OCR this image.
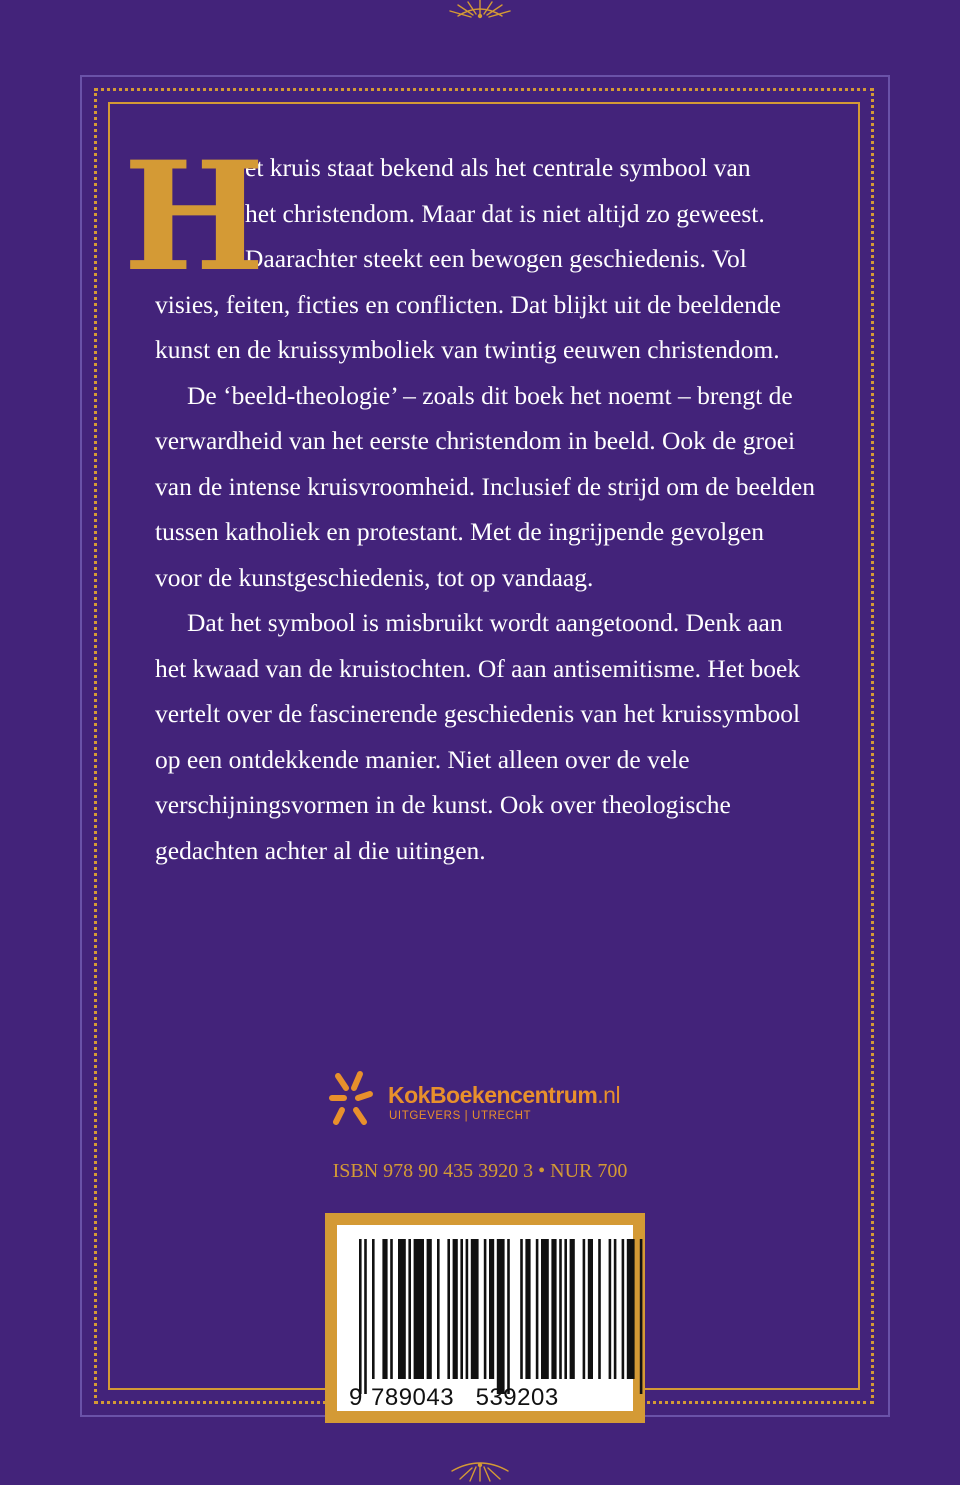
H
et kruis staat bekend als het centrale symbool van
het christendom. Maar dat is niet altijd zo geweest.
Daarachter steekt een bewogen geschiedenis. Vol
visies, feiten, ficties en conflicten. Dat blijkt uit de beeldende kunst en de kruissymboliek van twintig eeuwen christendom.

De ‘beeld-theologie’ – zoals dit boek het noemt – brengt de verwardheid van het eerste christendom in beeld. Ook de groei van de intense kruisvroomheid. Inclusief de strijd om de beelden tussen katholiek en protestant. Met de ingrijpende gevolgen voor de kunstgeschiedenis, tot op vandaag.

Dat het symbool is misbruikt wordt aangetoond. Denk aan het kwaad van de kruistochten. Of aan antisemitisme. Het boek vertelt over de fascinerende geschiedenis van het kruissymbool op een ontdekkende manier. Niet alleen over de vele verschijningsvormen in de kunst. Ook over theologische gedachten achter al die uitingen.

KokBoekencentrum.nl
UITGEVERS | UTRECHT
ISBN 978 90 435 3920 3 • NUR 700
9 789043 539203
